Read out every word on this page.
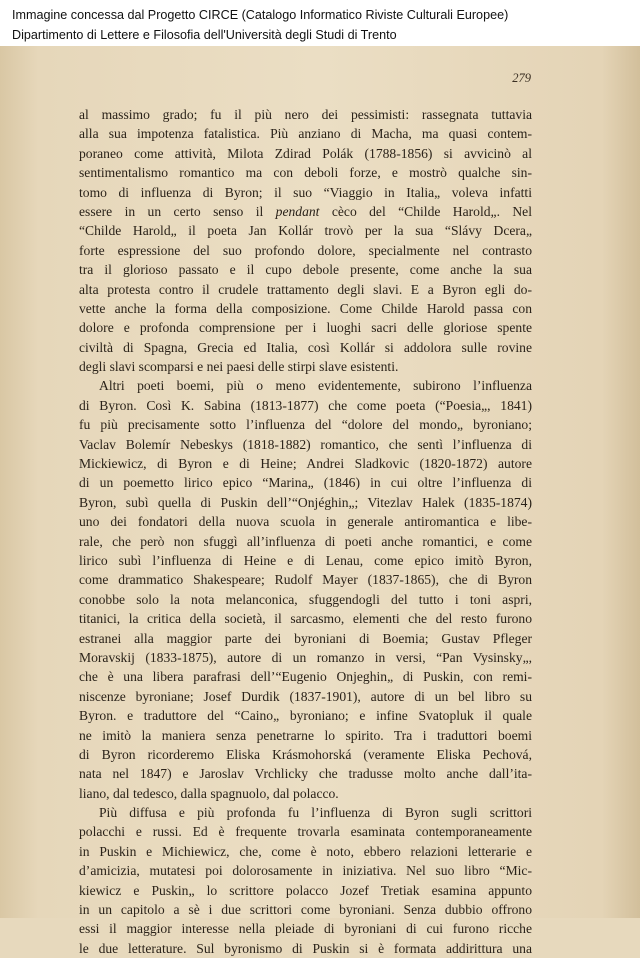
Immagine concessa dal Progetto CIRCE (Catalogo Informatico Riviste Culturali Europee)
Dipartimento di Lettere e Filosofia dell'Università degli Studi di Trento
279
al massimo grado; fu il più nero dei pessimisti: rassegnata tuttavia
alla sua impotenza fatalistica. Più anziano di Macha, ma quasi contem-
poraneo come attività, Milota Zdirad Polák (1788-1856) si avvicinò al
sentimentalismo romantico ma con deboli forze, e mostrò qualche sin-
tomo di influenza di Byron; il suo “Viaggio in Italia„ voleva infatti
essere in un certo senso il pendant cèco del “Childe Harold„. Nel
“Childe Harold„ il poeta Jan Kollár trovò per la sua “Slávy Dcera„
forte espressione del suo profondo dolore, specialmente nel contrasto
tra il glorioso passato e il cupo debole presente, come anche la sua
alta protesta contro il crudele trattamento degli slavi. E a Byron egli do-
vette anche la forma della composizione. Come Childe Harold passa con
dolore e profonda comprensione per i luoghi sacri delle gloriose spente
civiltà di Spagna, Grecia ed Italia, così Kollár si addolora sulle rovine
degli slavi scomparsi e nei paesi delle stirpi slave esistenti.
Altri poeti boemi, più o meno evidentemente, subirono l’influenza
di Byron. Così K. Sabina (1813-1877) che come poeta (“Poesia„, 1841)
fu più precisamente sotto l’influenza del “dolore del mondo„ byroniano;
Vaclav Bolemír Nebeskys (1818-1882) romantico, che sentì l’influenza di
Mickiewicz, di Byron e di Heine; Andrei Sladkovic (1820-1872) autore
di un poemetto lirico epico “Marina„ (1846) in cui oltre l’influenza di
Byron, subì quella di Puskin dell’“Onjéghin„; Vitezlav Halek (1835-1874)
uno dei fondatori della nuova scuola in generale antiromantica e libe-
rale, che però non sfuggì all’influenza di poeti anche romantici, e come
lirico subì l’influenza di Heine e di Lenau, come epico imitò Byron,
come drammatico Shakespeare; Rudolf Mayer (1837-1865), che di Byron
conobbe solo la nota melanconica, sfuggendogli del tutto i toni aspri,
titanici, la critica della società, il sarcasmo, elementi che del resto furono
estranei alla maggior parte dei byroniani di Boemia; Gustav Pfleger
Moravskij (1833-1875), autore di un romanzo in versi, “Pan Vysinsky„,
che è una libera parafrasi dell’“Eugenio Onjeghin„ di Puskin, con remi-
niscenze byroniane; Josef Durdik (1837-1901), autore di un bel libro su
Byron. e traduttore del “Caino„ byroniano; e infine Svatopluk il quale
ne imitò la maniera senza penetrarne lo spirito. Tra i traduttori boemi
di Byron ricorderemo Eliska Krásmohorská (veramente Eliska Pechová,
nata nel 1847) e Jaroslav Vrchlicky che tradusse molto anche dall’ita-
liano, dal tedesco, dalla spagnuolo, dal polacco.
Più diffusa e più profonda fu l’influenza di Byron sugli scrittori
polacchi e russi. Ed è frequente trovarla esaminata contemporaneamente
in Puskin e Michiewicz, che, come è noto, ebbero relazioni letterarie e
d’amicizia, mutatesi poi dolorosamente in iniziativa. Nel suo libro “Mic-
kiewicz e Puskin„ lo scrittore polacco Jozef Tretiak esamina appunto
in un capitolo a sè i due scrittori come byroniani. Senza dubbio offrono
essi il maggior interesse nella pleiade di byroniani di cui furono ricche
le due letterature. Sul byronismo di Puskin si è formata addirittura una
